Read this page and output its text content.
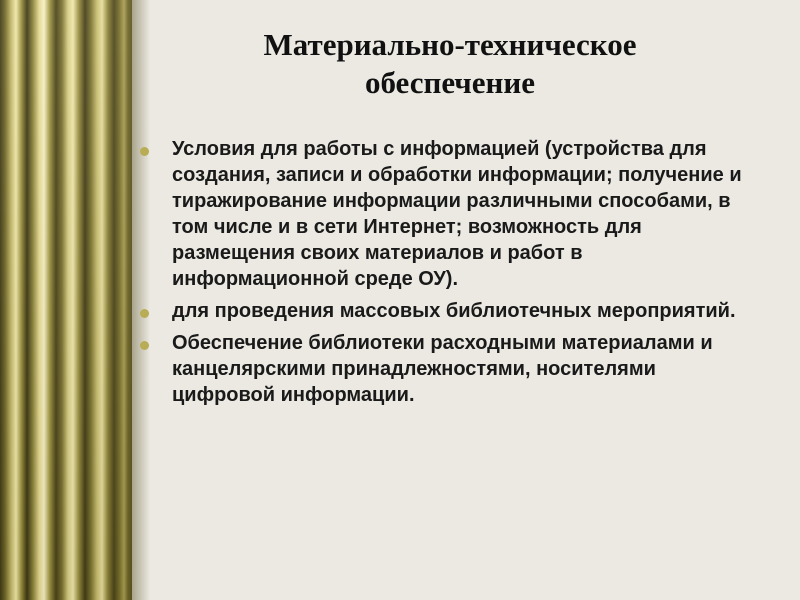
Материально-техническое
обеспечение
Условия для работы с информацией (устройства для создания, записи и обработки информации; получение и тиражирование информации различными способами, в том числе и в сети Интернет; возможность для размещения своих материалов и работ в информационной среде ОУ).
для проведения массовых библиотечных мероприятий.
Обеспечение библиотеки расходными материалами и канцелярскими принадлежностями, носителями цифровой информации.
